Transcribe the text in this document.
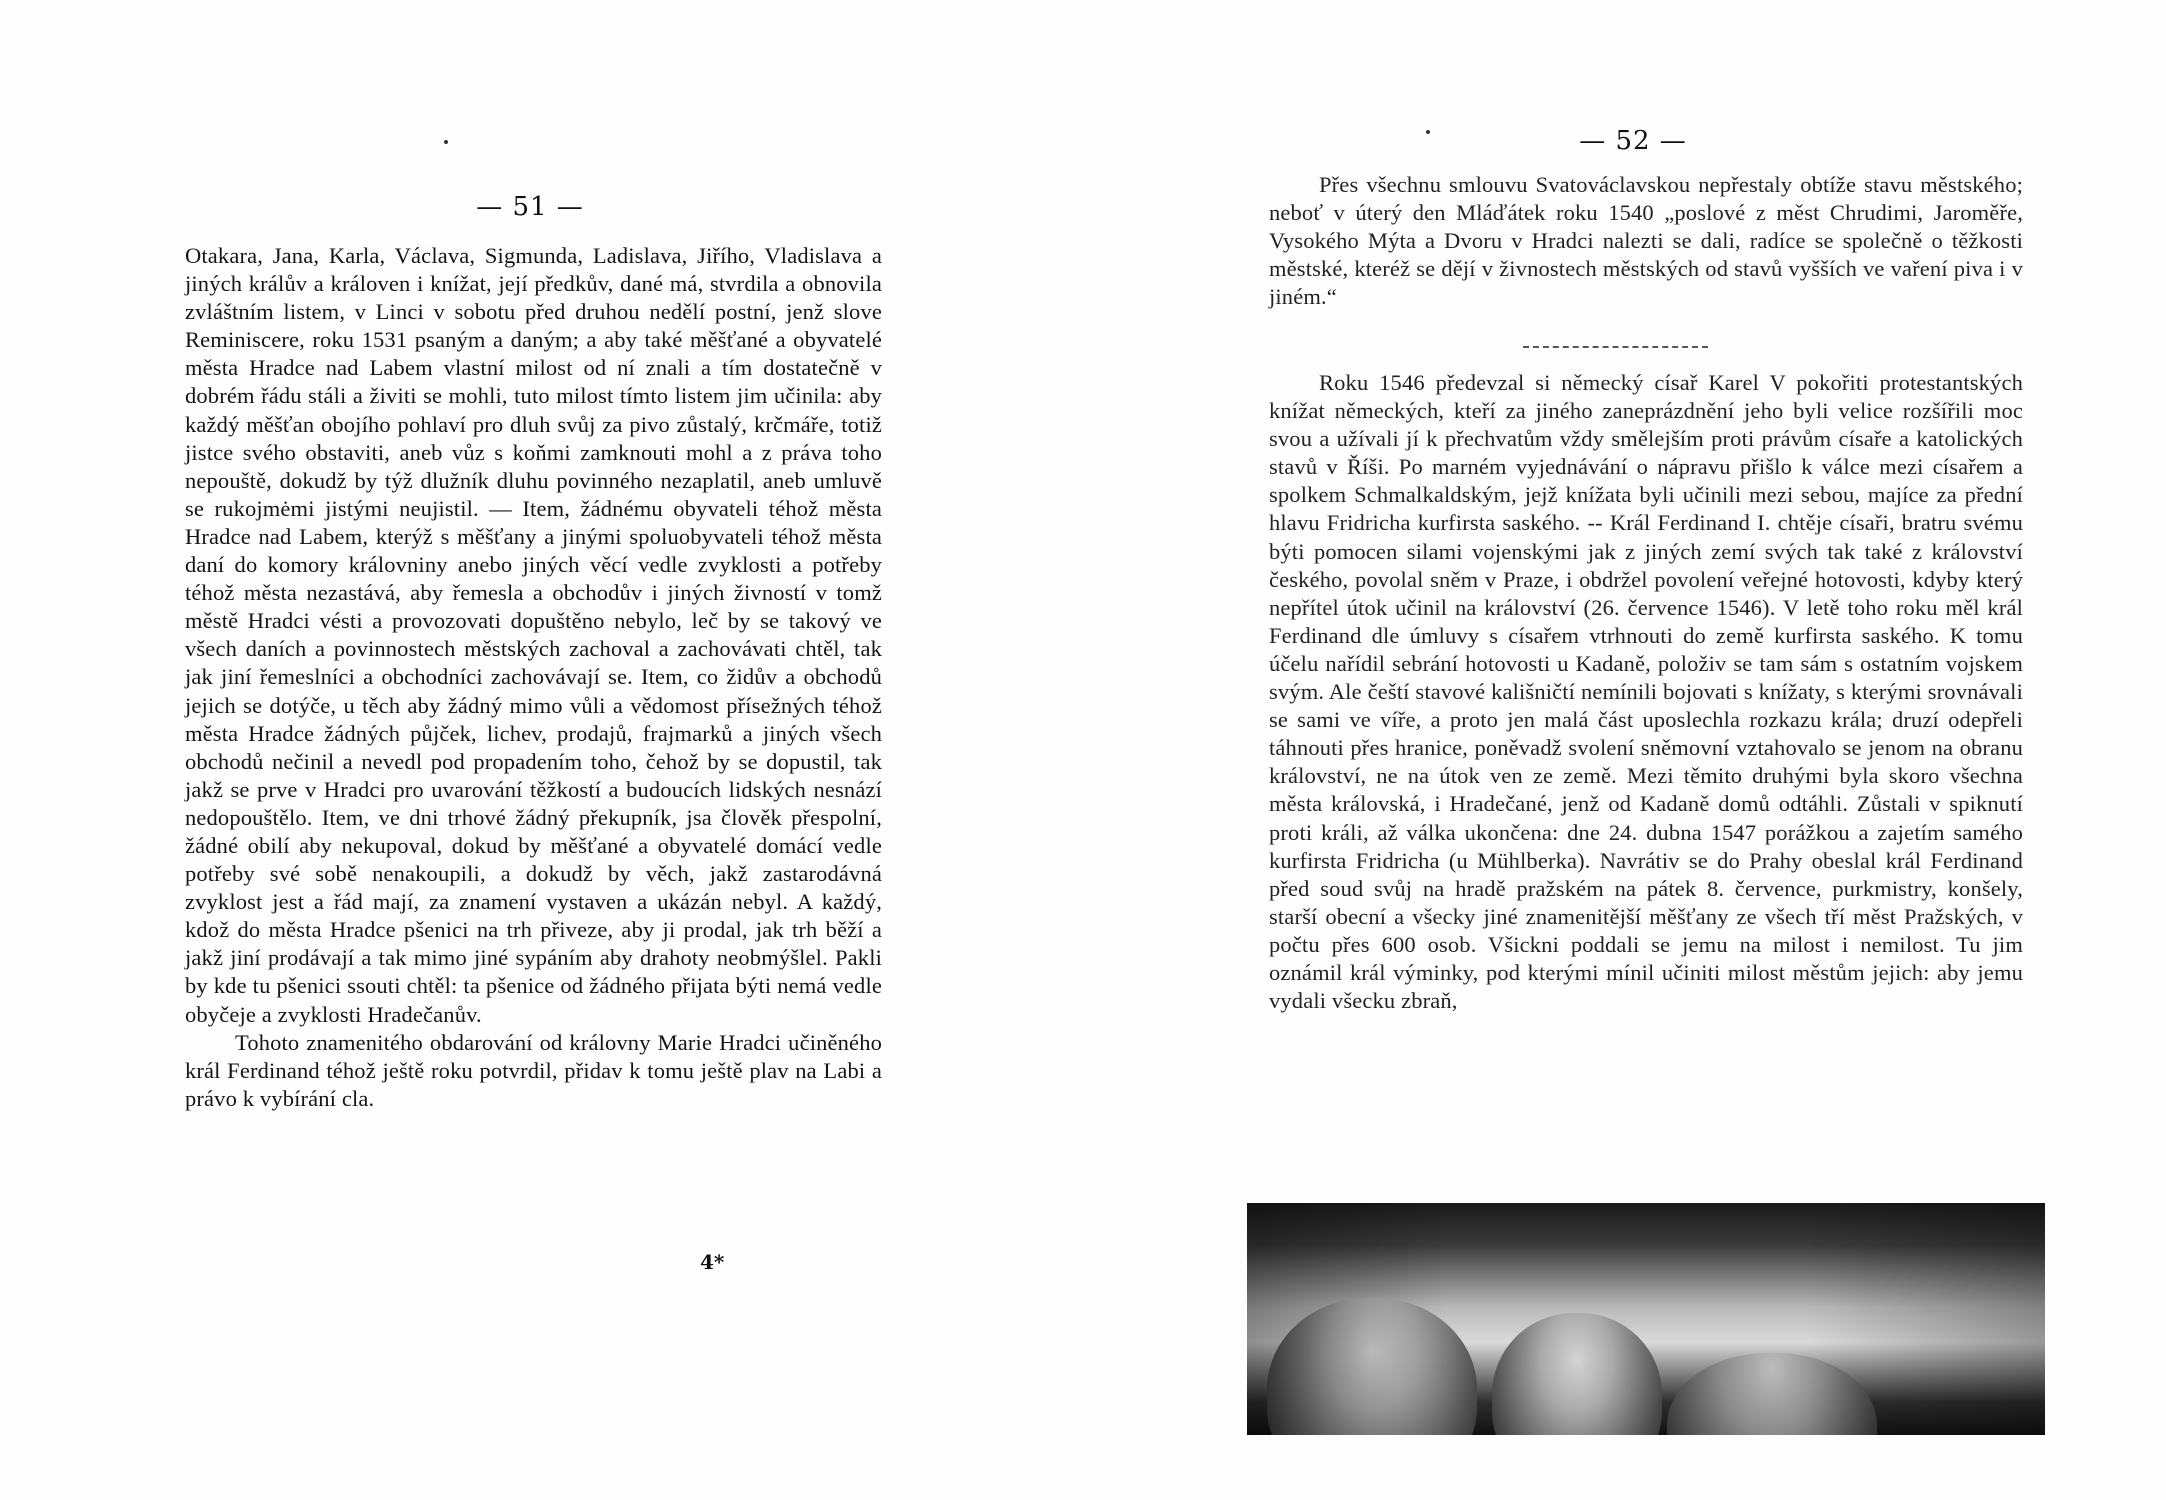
— 51 —

Otakara, Jana, Karla, Václava, Sigmunda, Ladislava, Jiřího, Vladislava a jiných králův a královen i knížat, její předkův, dané má, stvrdila a obnovila zvláštním listem, v Linci v sobotu před druhou nedělí postní, jenž slove Reminiscere, roku 1531 psaným a daným; a aby také měšťané a obyvatelé města Hradce nad Labem vlastní milost od ní znali a tím dostatečně v dobrém řádu stáli a živiti se mohli, tuto milost tímto listem jim učinila: aby každý měšťan obojího pohlaví pro dluh svůj za pivo zůstalý, krčmáře, totiž jistce svého obstaviti, aneb vůz s koňmi zamknouti mohl a z práva toho nepouště, dokudž by týž dlužník dluhu povinného nezaplatil, aneb umluvě se rukojmėmi jistými neujistil. — Item, žádnému obyvateli téhož města Hradce nad Labem, kterýž s měšťany a jinými spoluobyvateli téhož města daní do komory královniny anebo jiných věcí vedle zvyklosti a potřeby téhož města nezastává, aby řemesla a obchodův i jiných živností v tomž městě Hradci vésti a provozovati dopuštěno nebylo, leč by se takový ve všech daních a povinnostech městských zachoval a zachovávati chtěl, tak jak jiní řemeslníci a obchodníci zachovávají se. Item, co židův a obchodů jejich se dotýče, u těch aby žádný mimo vůli a vědomost přísežných téhož města Hradce žádných půjček, lichev, prodajů, frajmarků a jiných všech obchodů nečinil a nevedl pod propadením toho, čehož by se dopustil, tak jakž se prve v Hradci pro uvarování těžkostí a budoucích lidských nesnází nedopouštělo. Item, ve dni trhové žádný překupník, jsa člověk přespolní, žádné obilí aby nekupoval, dokud by měšťané a obyvatelé domácí vedle potřeby své sobě nenakoupili, a dokudž by věch, jakž zastarodávná zvyklost jest a řád mají, za znamení vystaven a ukázán nebyl. A každý, kdož do města Hradce pšenici na trh přiveze, aby ji prodal, jak trh běží a jakž jiní prodávají a tak mimo jiné sypáním aby drahoty neobmýšlel. Pakli by kde tu pšenici ssouti chtěl: ta pšenice od žádného přijata býti nemá vedle obyčeje a zvyklosti Hradečanův.

Tohoto znamenitého obdarování od královny Marie Hradci učiněného král Ferdinand téhož ještě roku potvrdil, přidav k tomu ještě plav na Labi a právo k vybírání cla.

4*
— 52 —

Přes všechnu smlouvu Svatováclavskou nepřestaly obtíže stavu městského; neboť v úterý den Mláďátek roku 1540 „poslové z měst Chrudimi, Jaroměře, Vysokého Mýta a Dvoru v Hradci nalezti se dali, radíce se společně o těžkosti městské, kteréž se dějí v živnostech městských od stavů vyšších ve vaření piva i v jiném.“

Roku 1546 předevzal si německý císař Karel V pokořiti protestantských knížat německých, kteří za jiného zaneprázdnění jeho byli velice rozšířili moc svou a užívali jí k přechvatům vždy smělejším proti právům císaře a katolických stavů v Říši. Po marném vyjednávání o nápravu přišlo k válce mezi císařem a spolkem Schmalkaldským, jejž knížata byli učinili mezi sebou, majíce za přední hlavu Fridricha kurfirsta saského. -- Král Ferdinand I. chtěje císaři, bratru svému býti pomocen silami vojenskými jak z jiných zemí svých tak také z království českého, povolal sněm v Praze, i obdržel povolení veřejné hotovosti, kdyby který nepřítel útok učinil na království (26. července 1546). V letě toho roku měl král Ferdinand dle úmluvy s císařem vtrhnouti do země kurfirsta saského. K tomu účelu nařídil sebrání hotovosti u Kadaně, položiv se tam sám s ostatním vojskem svým. Ale čeští stavové kališničtí nemínili bojovati s knížaty, s kterými srovnávali se sami ve víře, a proto jen malá část uposlechla rozkazu krála; druzí odepřeli táhnouti přes hranice, poněvadž svolení sněmovní vztahovalo se jenom na obranu království, ne na útok ven ze země. Mezi těmito druhými byla skoro všechna města královská, i Hradečané, jenž od Kadaně domů odtáhli. Zůstali v spiknutí proti králi, až válka ukončena: dne 24. dubna 1547 porážkou a zajetím samého kurfirsta Fridricha (u Mühlberka). Navrátiv se do Prahy obeslal král Ferdinand před soud svůj na hradě pražském na pátek 8. července, purkmistry, konšely, starší obecní a všecky jiné znamenitější měšťany ze všech tří měst Pražských, v počtu přes 600 osob. Všickni poddali se jemu na milost i nemilost. Tu jim oznámil král výminky, pod kterými mínil učiniti milost městům jejich: aby jemu vydali všecku zbraň,
